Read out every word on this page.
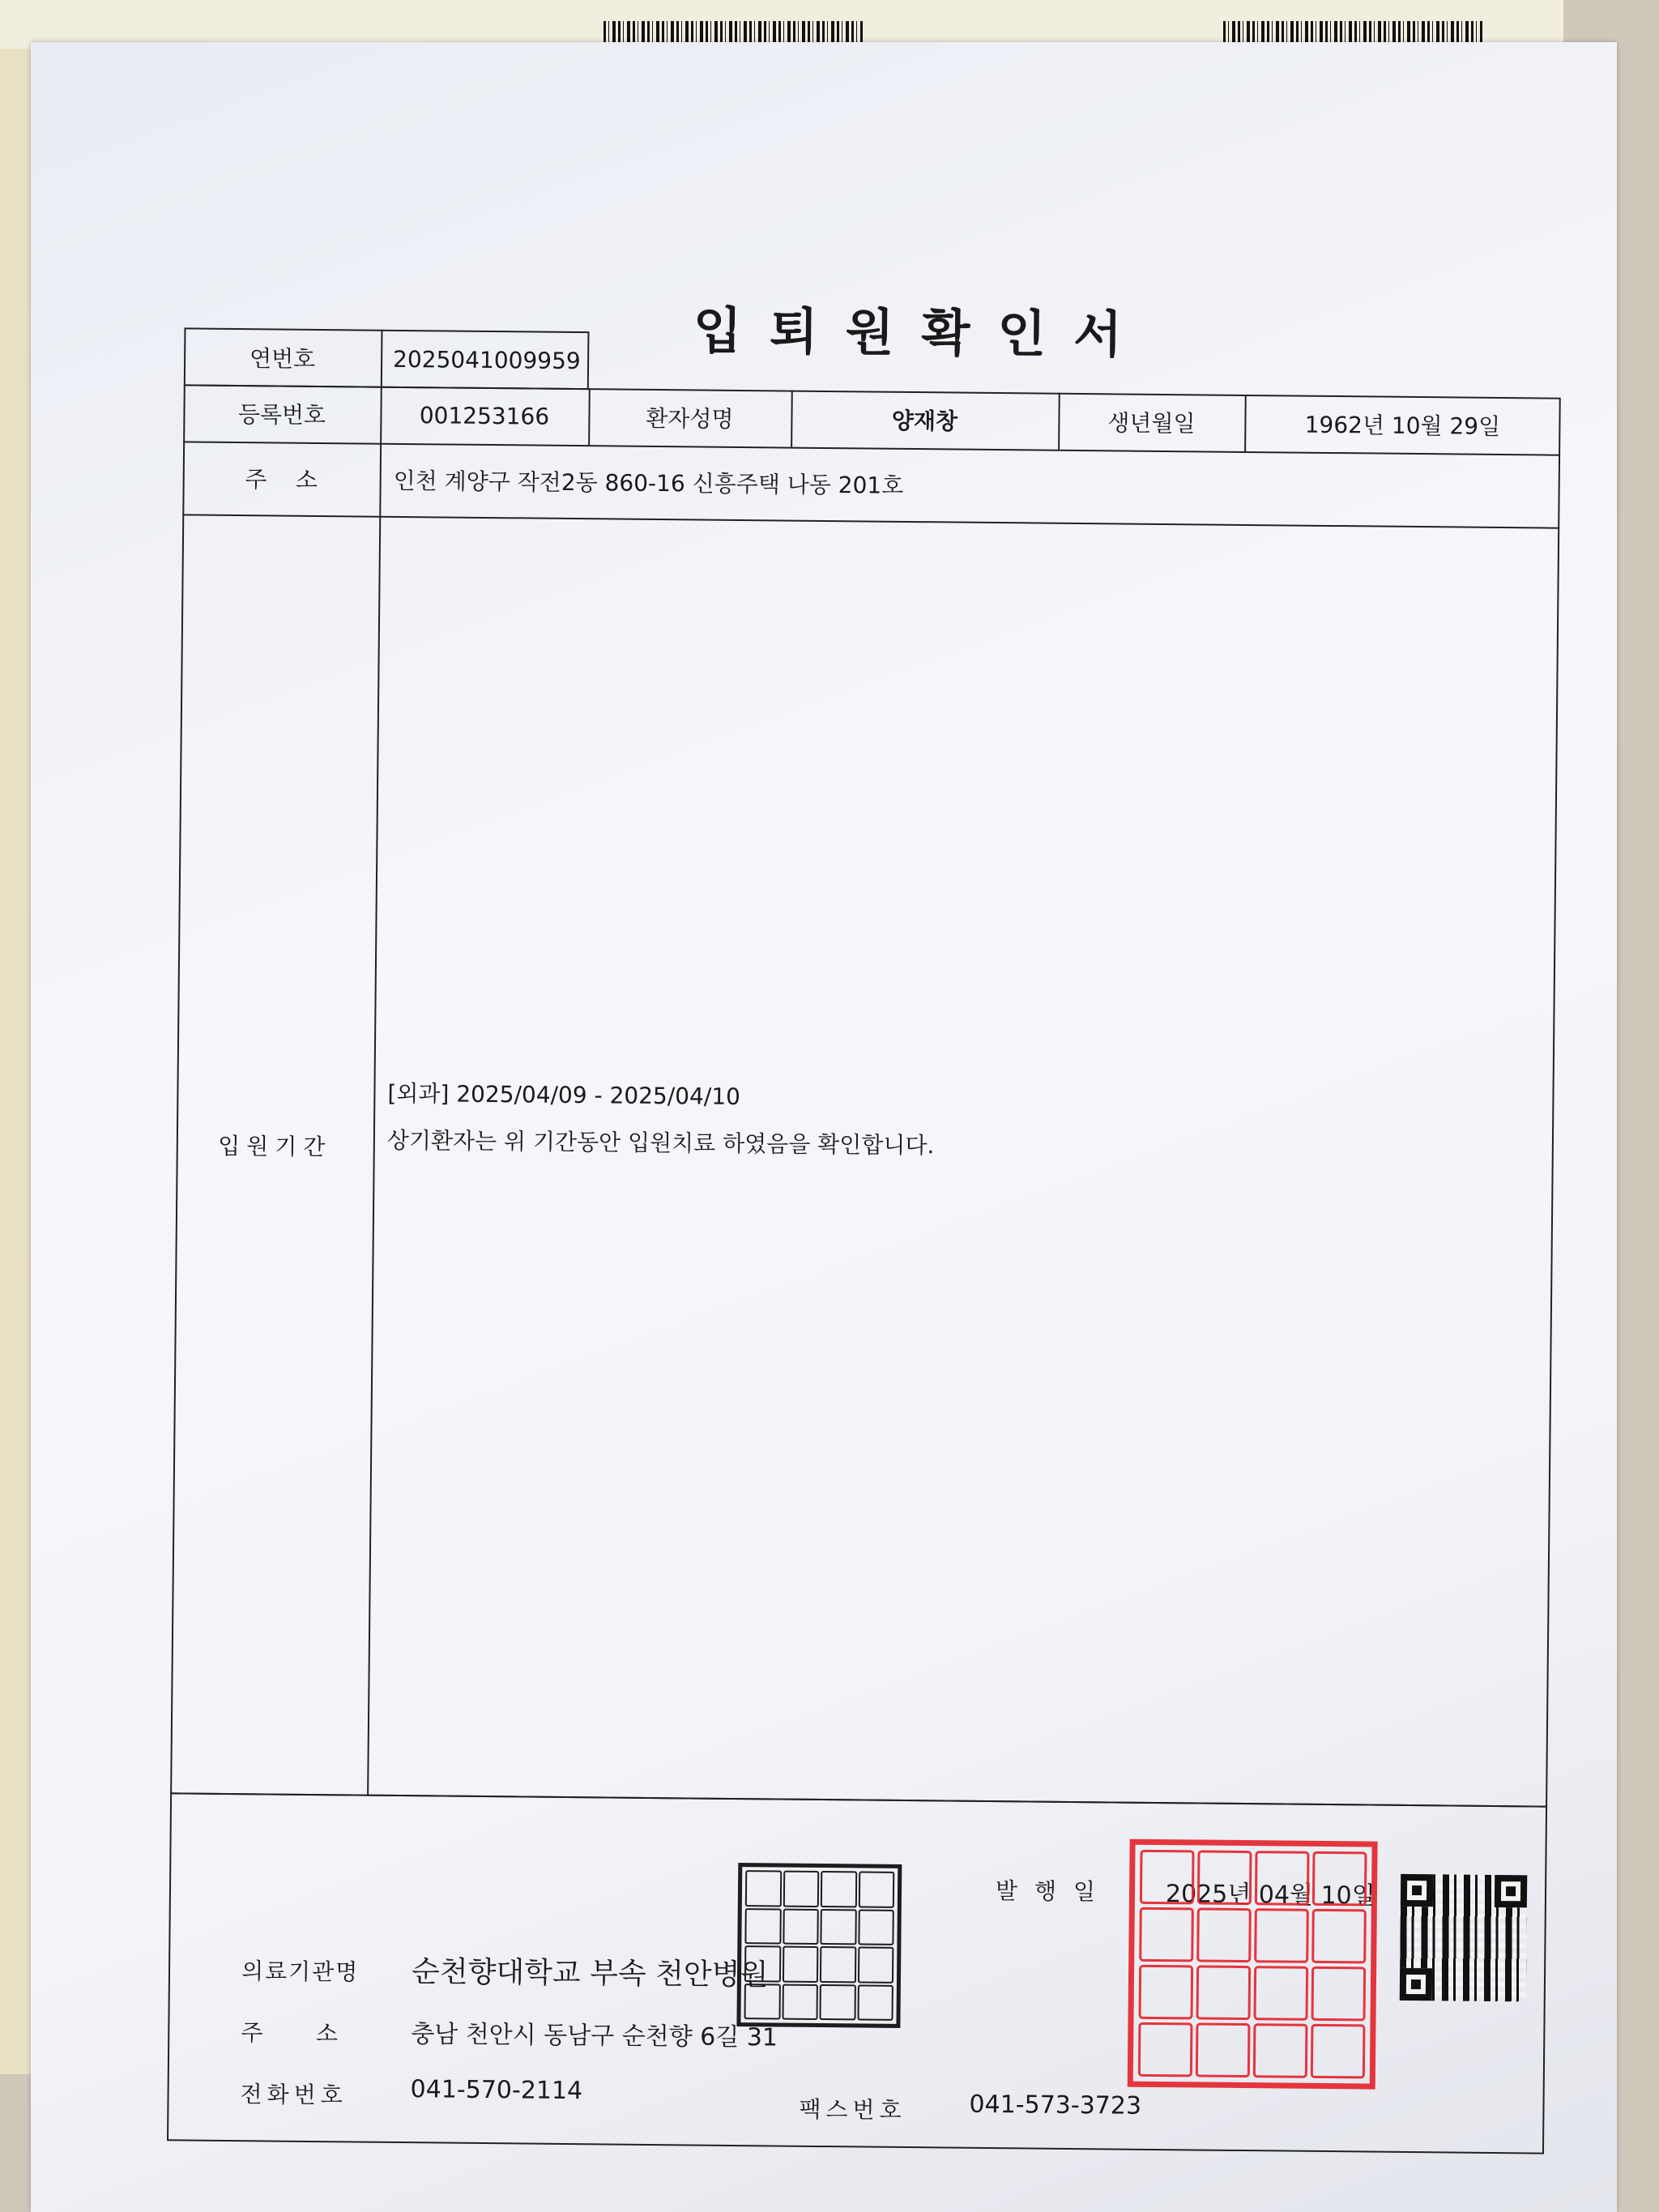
입퇴원확인서
연번호	2025041009959
등록번호	001253166	환자성명	양재창	생년월일	1962년 10월 29일
주    소	인천 계양구 작전2동 860-16 신흥주택 나동 201호
입원기간
[외과] 2025/04/09 - 2025/04/10
상기환자는 위 기간동안 입원치료 하였음을 확인합니다.
발 행 일	2025년 04월 10일
의료기관명 순천향대학교 부속 천안병원
주    소	충남 천안시 동남구 순천향 6길 31
전화번호	041-570-2114
팩스번호	041-573-3723
